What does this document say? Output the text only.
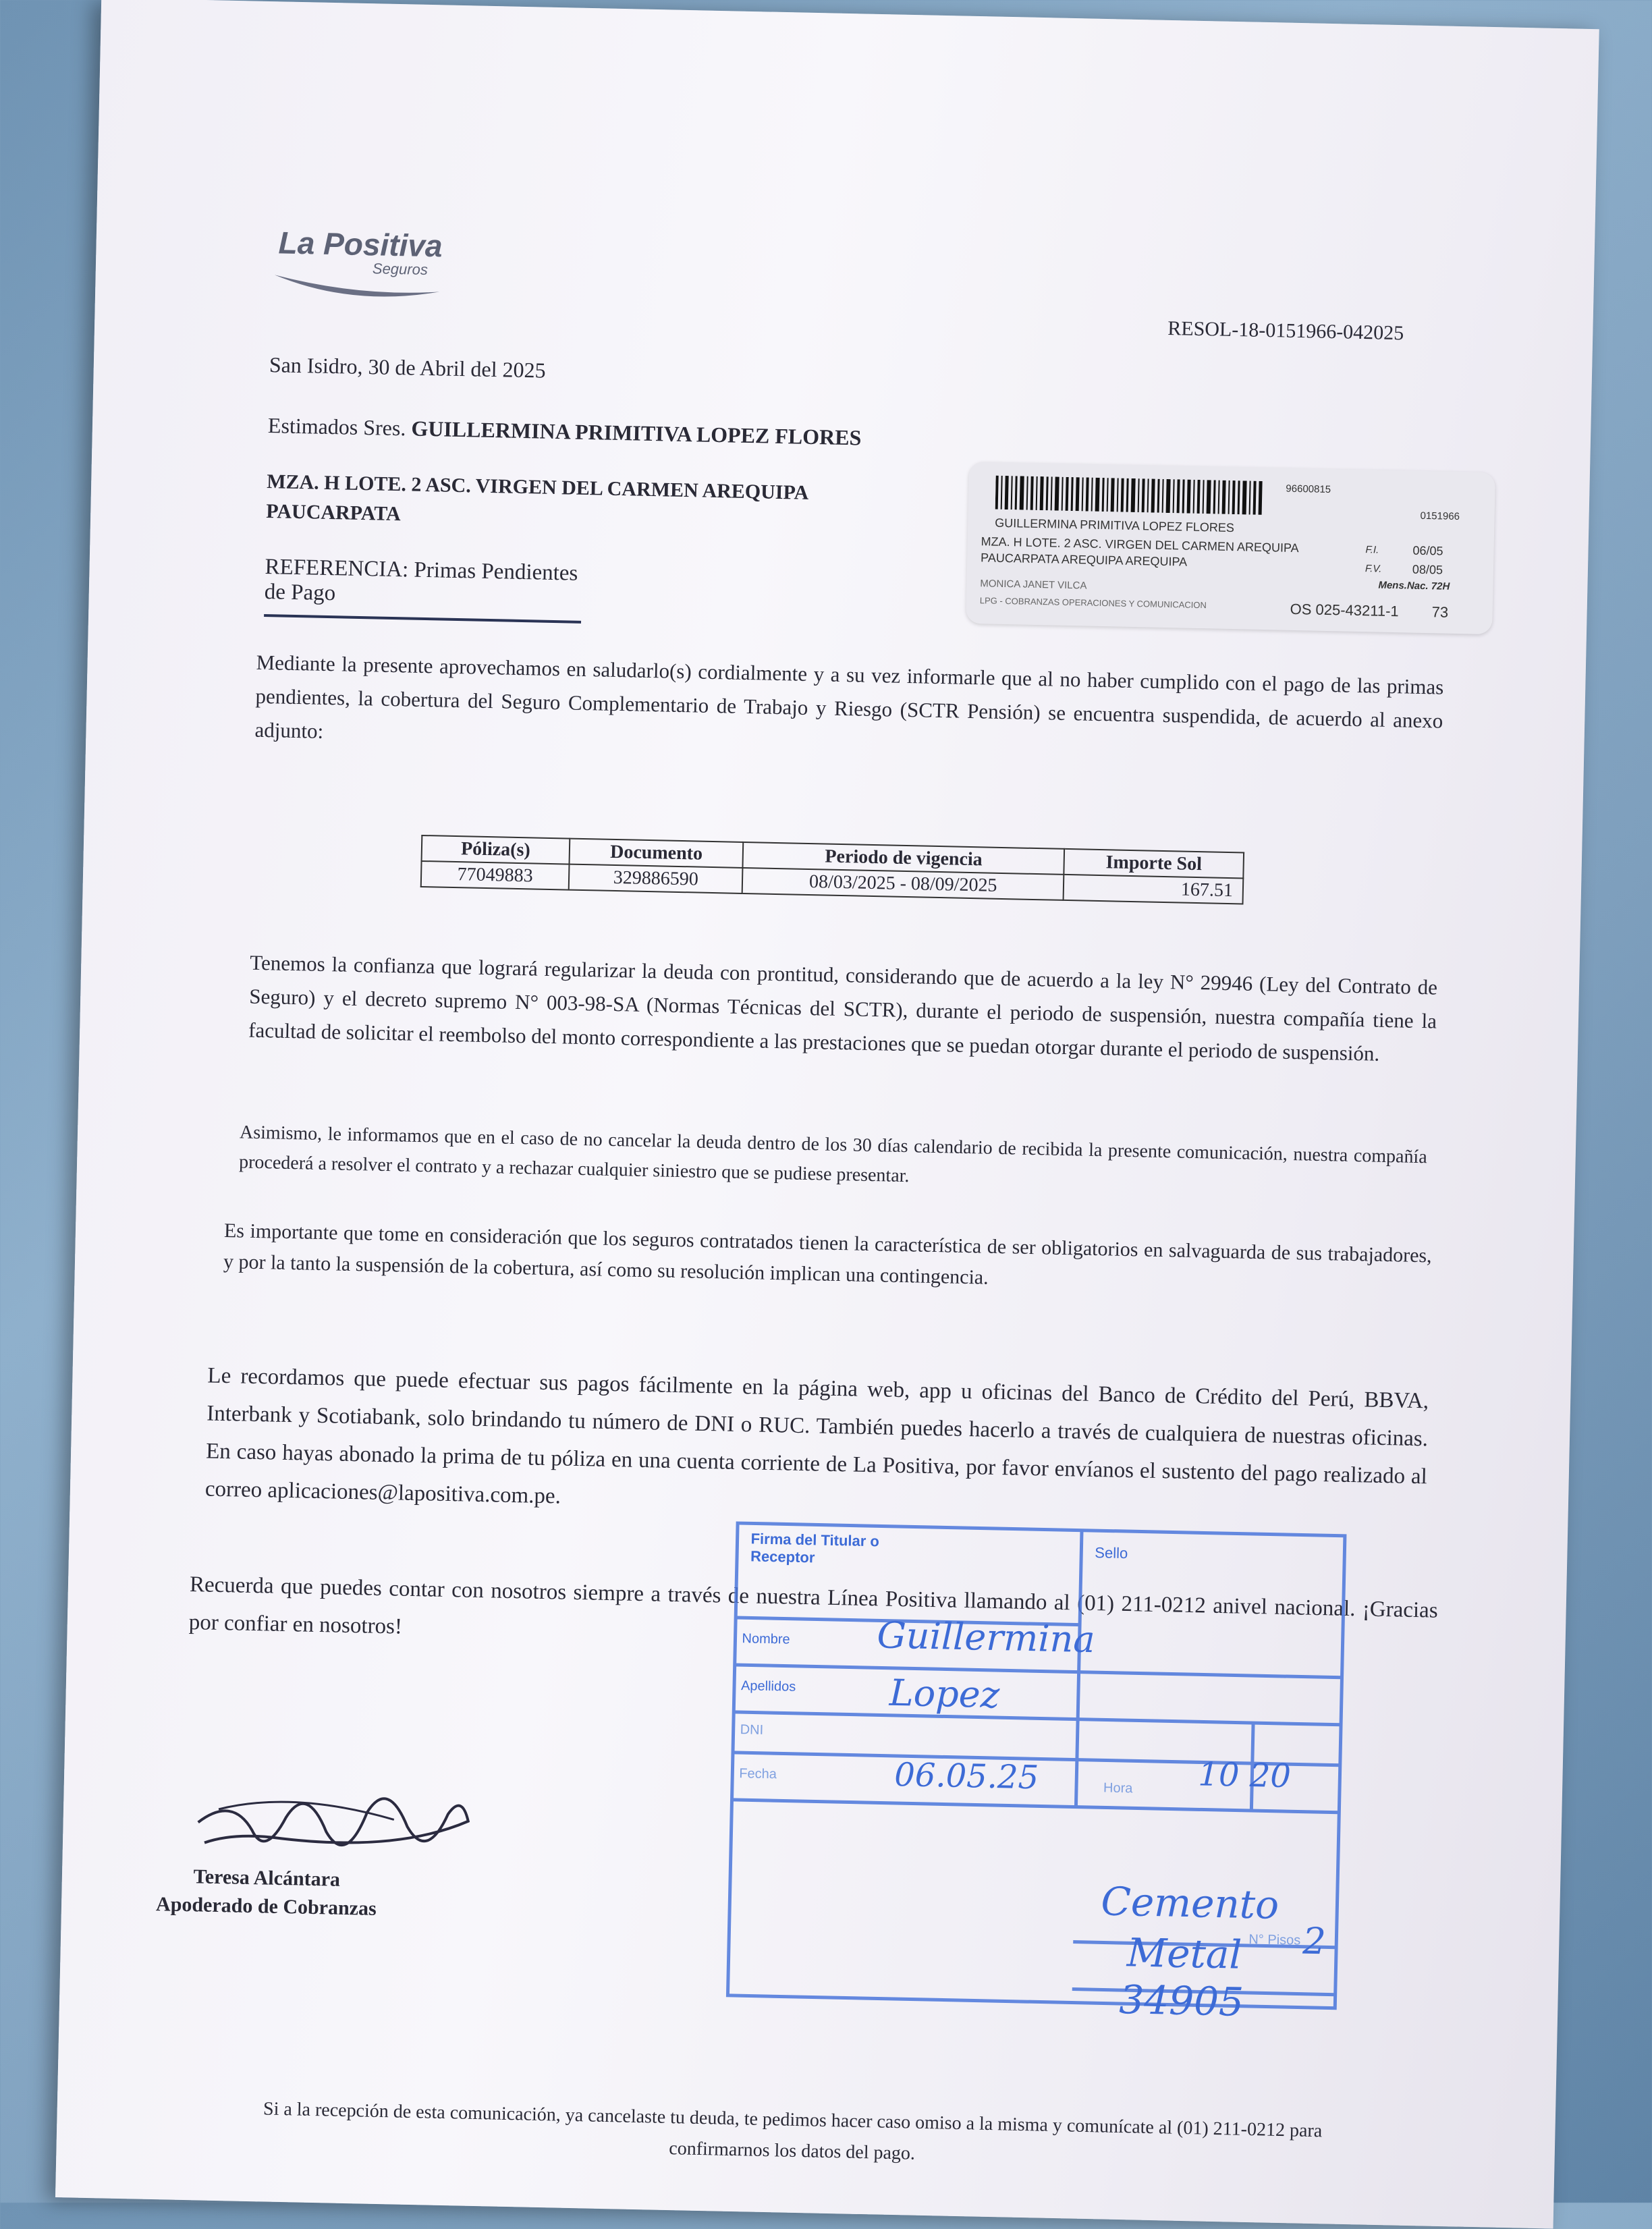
La Positiva
Seguros
RESOL-18-0151966-042025
San Isidro, 30 de Abril del 2025
Estimados Sres. GUILLERMINA PRIMITIVA LOPEZ FLORES
MZA. H LOTE. 2 ASC. VIRGEN DEL CARMEN AREQUIPA PAUCARPATA
REFERENCIA: Primas Pendientes de Pago
96600815
0151966
GUILLERMINA PRIMITIVA LOPEZ FLORES
MZA. H LOTE. 2 ASC. VIRGEN DEL CARMEN AREQUIPA
PAUCARPATA AREQUIPA AREQUIPA
F.I.	06/05
F.V.	08/05
Mens.Nac. 72H
MONICA JANET VILCA
LPG - COBRANZAS OPERACIONES Y COMUNICACION	OS 025-43211-1 73
Mediante la presente aprovechamos en saludarlo(s) cordialmente y a su vez informarle que al no haber cumplido con el pago de las primas pendientes, la cobertura del Seguro Complementario de Trabajo y Riesgo (SCTR Pensión) se encuentra suspendida, de acuerdo al anexo adjunto:
Póliza(s)	Documento	Periodo de vigencia	Importe Sol
77049883	329886590	08/03/2025 - 08/09/2025	167.51
Tenemos la confianza que logrará regularizar la deuda con prontitud, considerando que de acuerdo a la ley N° 29946 (Ley del Contrato de Seguro) y el decreto supremo N° 003-98-SA (Normas Técnicas del SCTR), durante el periodo de suspensión, nuestra compañía tiene la facultad de solicitar el reembolso del monto correspondiente a las prestaciones que se puedan otorgar durante el periodo de suspensión.
Asimismo, le informamos que en el caso de no cancelar la deuda dentro de los 30 días calendario de recibida la presente comunicación, nuestra compañía procederá a resolver el contrato y a rechazar cualquier siniestro que se pudiese presentar.
Es importante que tome en consideración que los seguros contratados tienen la característica de ser obligatorios en salvaguarda de sus trabajadores, y por la tanto la suspensión de la cobertura, así como su resolución implican una contingencia.
Le recordamos que puede efectuar sus pagos fácilmente en la página web, app u oficinas del Banco de Crédito del Perú, BBVA, Interbank y Scotiabank, solo brindando tu número de DNI o RUC. También puedes hacerlo a través de cualquiera de nuestras oficinas. En caso hayas abonado la prima de tu póliza en una cuenta corriente de La Positiva, por favor envíanos el sustento del pago realizado al correo aplicaciones@lapositiva.com.pe.
Recuerda que puedes contar con nosotros siempre a través de nuestra Línea Positiva llamando al (01) 211-0212 anivel nacional. ¡Gracias por confiar en nosotros!
Teresa Alcántara
Apoderado de Cobranzas
Firma del Titular o Receptor	Sello
Nombre Guillermina
Apellidos	Lopez
DNI
Fecha	06.05.25	Hora 10 20
Cemento
Metal
34905
N° Pisos 2
Si a la recepción de esta comunicación, ya cancelaste tu deuda, te pedimos hacer caso omiso a la misma y comunícate al (01) 211-0212 para confirmarnos los datos del pago.
